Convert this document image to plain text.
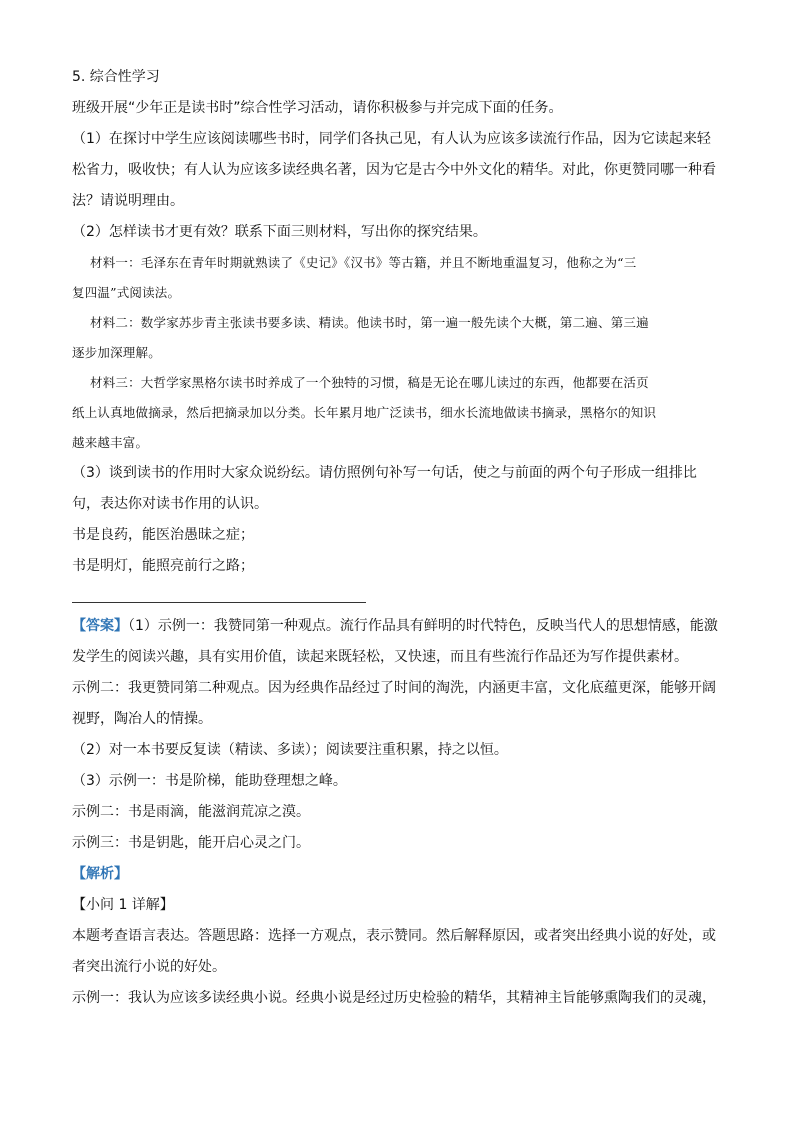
5. 综合性学习

班级开展“少年正是读书时”综合性学习活动，请你积极参与并完成下面的任务。

（1）在探讨中学生应该阅读哪些书时，同学们各执己见，有人认为应该多读流行作品，因为它读起来轻

松省力，吸收快；有人认为应该多读经典名著，因为它是古今中外文化的精华。对此，你更赞同哪一种看

法？请说明理由。

（2）怎样读书才更有效？联系下面三则材料，写出你的探究结果。

材料一：毛泽东在青年时期就熟读了《史记》《汉书》等古籍，并且不断地重温复习，他称之为“三

复四温”式阅读法。

材料二：数学家苏步青主张读书要多读、精读。他读书时，第一遍一般先读个大概，第二遍、第三遍

逐步加深理解。

材料三：大哲学家黑格尔读书时养成了一个独特的习惯，稿是无论在哪儿读过的东西，他都要在活页

纸上认真地做摘录，然后把摘录加以分类。长年累月地广泛读书，细水长流地做读书摘录，黑格尔的知识

越来越丰富。

（3）谈到读书的作用时大家众说纷纭。请仿照例句补写一句话，使之与前面的两个句子形成一组排比

句，表达你对读书作用的认识。

书是良药，能医治愚昧之症；

书是明灯，能照亮前行之路；

【答案】（1）示例一：我赞同第一种观点。流行作品具有鲜明的时代特色，反映当代人的思想情感，能激

发学生的阅读兴趣，具有实用价值，读起来既轻松，又快速，而且有些流行作品还为写作提供素材。

示例二：我更赞同第二种观点。因为经典作品经过了时间的淘洗，内涵更丰富，文化底蕴更深，能够开阔

视野，陶冶人的情操。

（2）对一本书要反复读（精读、多读）；阅读要注重积累，持之以恒。

（3）示例一：书是阶梯，能助登理想之峰。

示例二：书是雨滴，能滋润荒凉之漠。

示例三：书是钥匙，能开启心灵之门。

【解析】

【小问 1 详解】

本题考查语言表达。答题思路：选择一方观点，表示赞同。然后解释原因，或者突出经典小说的好处，或

者突出流行小说的好处。

示例一：我认为应该多读经典小说。经典小说是经过历史检验的精华，其精神主旨能够熏陶我们的灵魂，
